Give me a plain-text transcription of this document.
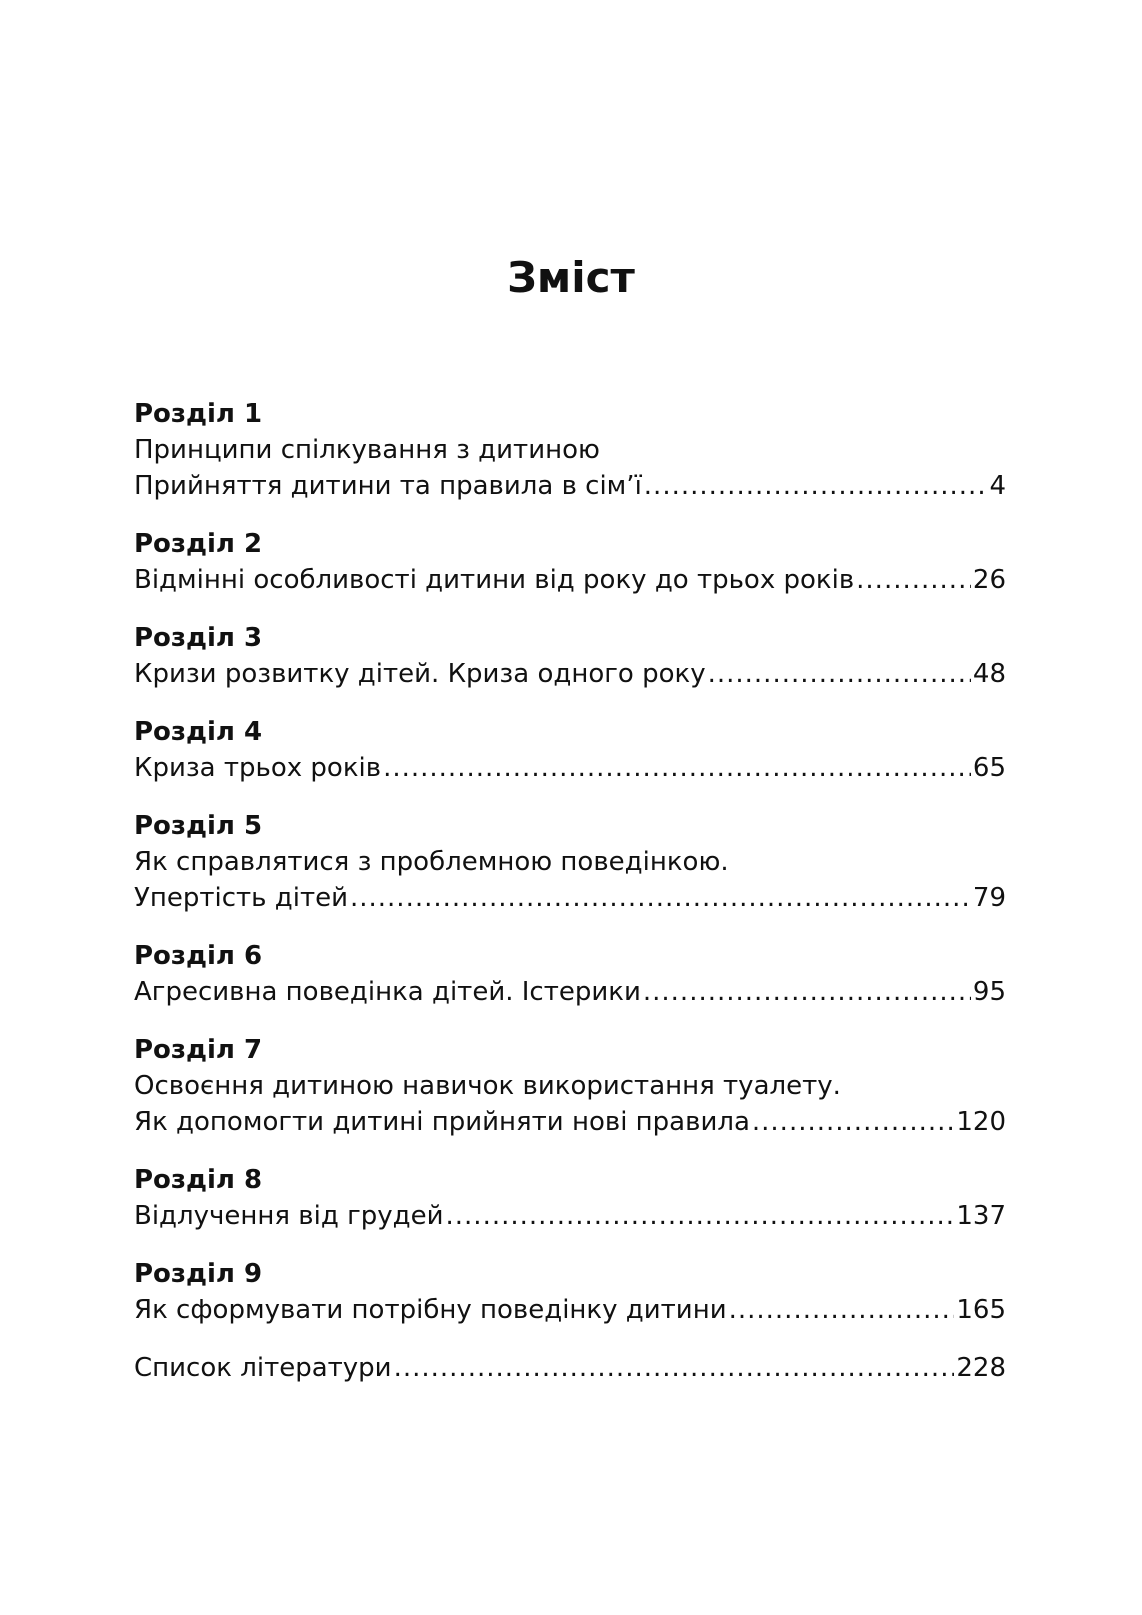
Зміст
Розділ 1
Принципи спілкування з дитиною
Прийняття дитини та правила в сім’ї .....	4
Розділ 2
Відмінні особливості дитини від року до трьох років .....	26
Розділ 3
Кризи розвитку дітей. Криза одного року .....	48
Розділ 4
Криза трьох років .....	65
Розділ 5
Як справлятися з проблемною поведінкою.
Упертість дітей .....	79
Розділ 6
Агресивна поведінка дітей. Істерики .....	95
Розділ 7
Освоєння дитиною навичок використання туалету.
Як допомогти дитині прийняти нові правила .....	120
Розділ 8
Відлучення від грудей .....	137
Розділ 9
Як сформувати потрібну поведінку дитини .....	165
Список літератури .....	228
